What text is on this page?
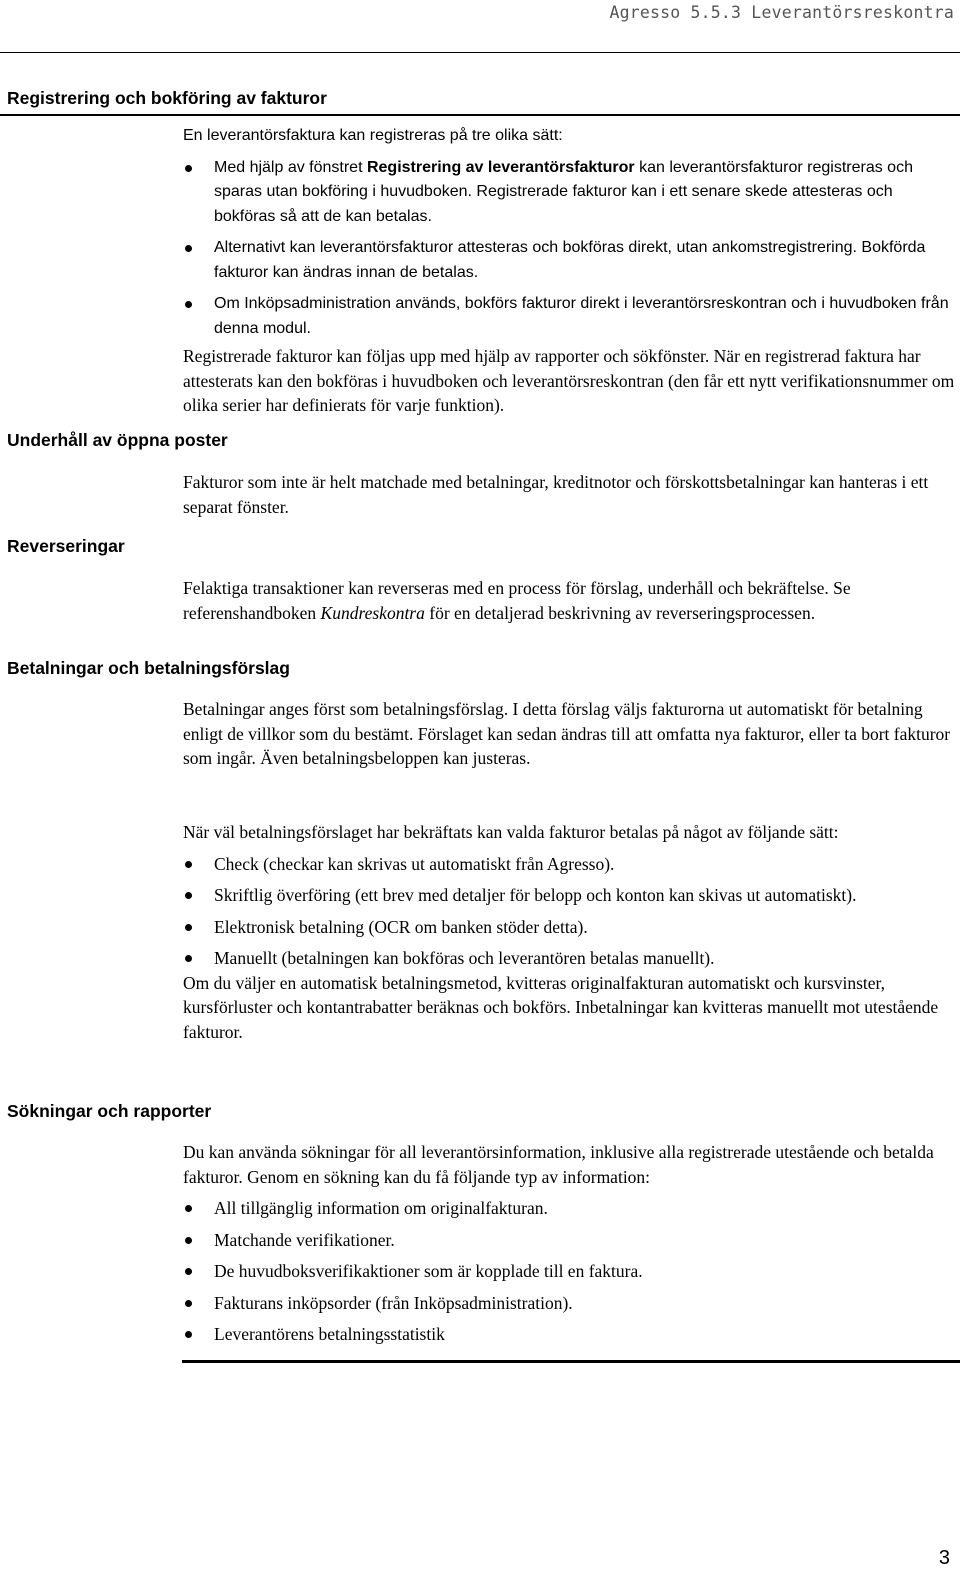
Agresso 5.5.3 Leverantörsreskontra
Registrering och bokföring av fakturor

En leverantörsfaktura kan registreras på tre olika sätt:

Med hjälp av fönstret Registrering av leverantörsfakturor kan leverantörsfakturor registreras och sparas utan bokföring i huvudboken. Registrerade fakturor kan i ett senare skede attesteras och bokföras så att de kan betalas.
Alternativt kan leverantörsfakturor attesteras och bokföras direkt, utan ankomstregistrering. Bokförda fakturor kan ändras innan de betalas.
Om Inköpsadministration används, bokförs fakturor direkt i leverantörsreskontran och i huvudboken från denna modul.

Registrerade fakturor kan följas upp med hjälp av rapporter och sökfönster. När en registrerad faktura har attesterats kan den bokföras i huvudboken och leverantörsreskontran (den får ett nytt verifikationsnummer om olika serier har definierats för varje funktion).

Underhåll av öppna poster

Fakturor som inte är helt matchade med betalningar, kreditnotor och förskottsbetalningar kan hanteras i ett separat fönster.

Reverseringar

Felaktiga transaktioner kan reverseras med en process för förslag, underhåll och bekräftelse. Se referenshandboken Kundreskontra för en detaljerad beskrivning av reverseringsprocessen.

Betalningar och betalningsförslag

Betalningar anges först som betalningsförslag. I detta förslag väljs fakturorna ut automatiskt för betalning enligt de villkor som du bestämt. Förslaget kan sedan ändras till att omfatta nya fakturor, eller ta bort fakturor som ingår. Även betalningsbeloppen kan justeras.

När väl betalningsförslaget har bekräftats kan valda fakturor betalas på något av följande sätt:

Check (checkar kan skrivas ut automatiskt från Agresso).
Skriftlig överföring (ett brev med detaljer för belopp och konton kan skivas ut automatiskt).
Elektronisk betalning (OCR om banken stöder detta).
Manuellt (betalningen kan bokföras och leverantören betalas manuellt).

Om du väljer en automatisk betalningsmetod, kvitteras originalfakturan automatiskt och kursvinster, kursförluster och kontantrabatter beräknas och bokförs. Inbetalningar kan kvitteras manuellt mot utestående fakturor.

Sökningar och rapporter

Du kan använda sökningar för all leverantörsinformation, inklusive alla registrerade utestående och betalda fakturor. Genom en sökning kan du få följande typ av information:

All tillgänglig information om originalfakturan.
Matchande verifikationer.
De huvudboksverifikaktioner som är kopplade till en faktura.
Fakturans inköpsorder (från Inköpsadministration).
Leverantörens betalningsstatistik
3
